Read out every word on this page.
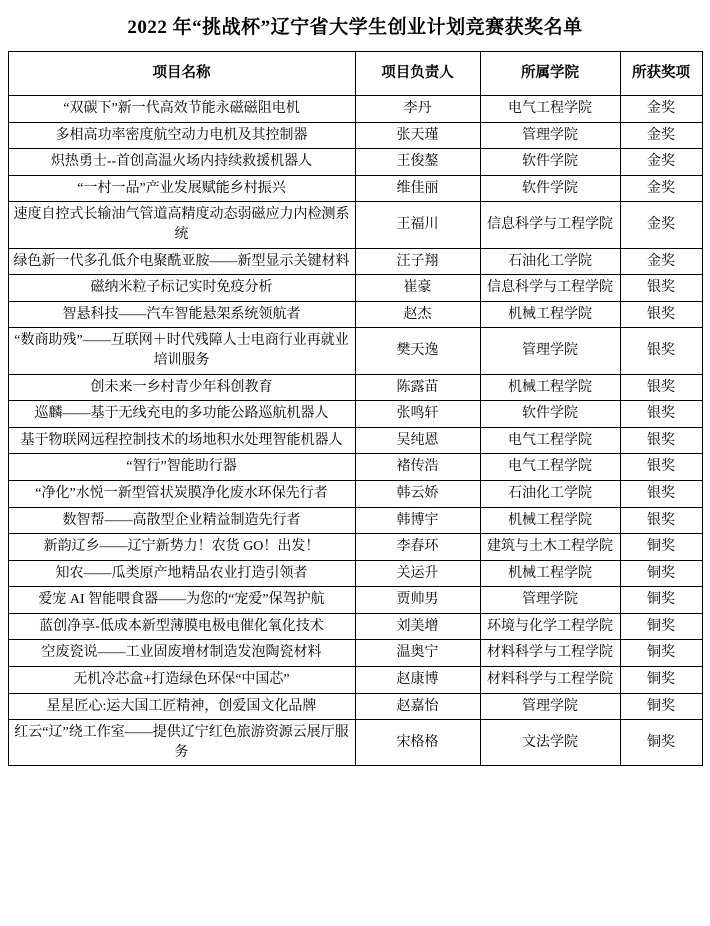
2022 年“挑战杯”辽宁省大学生创业计划竞赛获奖名单
项目名称	项目负责人	所属学院	所获奖项
“双碳下”新一代高效节能永磁磁阻电机	李丹	电气工程学院	金奖
多相高功率密度航空动力电机及其控制器	张天瑾	管理学院	金奖
炽热勇士--首创高温火场内持续救援机器人	王俊鏊	软件学院	金奖
“一村一品”产业发展赋能乡村振兴	维佳丽	软件学院	金奖
速度自控式长输油气管道高精度动态弱磁应力内检测系统	王福川	信息科学与工程学院	金奖
绿色新一代多孔低介电聚酰亚胺——新型显示关键材料	汪子翔	石油化工学院	金奖
磁纳米粒子标记实时免疫分析	崔豪	信息科学与工程学院	银奖
智悬科技——汽车智能悬架系统领航者	赵杰	机械工程学院	银奖
“数商助残”——互联网＋时代残障人士电商行业再就业培训服务	樊天逸	管理学院	银奖
创未来一乡村青少年科创教育	陈露苗	机械工程学院	银奖
巡麟——基于无线充电的多功能公路巡航机器人	张鸣轩	软件学院	银奖
基于物联网远程控制技术的场地积水处理智能机器人	吴纯恩	电气工程学院	银奖
“智行”智能助行器	褚传浩	电气工程学院	银奖
“净化”水悦一新型管状炭膜净化废水环保先行者	韩云娇	石油化工学院	银奖
数智帮——高散型企业精益制造先行者	韩博宇	机械工程学院	银奖
新韵辽乡——辽宁新势力！农货 GO！出发！	李春环	建筑与土木工程学院	铜奖
知农——瓜类原产地精品农业打造引领者	关运升	机械工程学院	铜奖
爱宠 AI 智能喂食器——为您的“宠爱”保驾护航	贾帅男	管理学院	铜奖
蓝创净享-低成本新型薄膜电极电催化氧化技术	刘美增	环境与化学工程学院	铜奖
空废瓷说——工业固废增材制造发泡陶瓷材料	温奥宁	材料科学与工程学院	铜奖
无机冷芯盒+打造绿色环保“中国芯”	赵康博	材料科学与工程学院	铜奖
星星匠心:运大国工匠精神，创爱国文化品牌	赵嘉怡	管理学院	铜奖
红云“辽”绕工作室——提供辽宁红色旅游资源云展厅服务	宋格格	文法学院	铜奖
